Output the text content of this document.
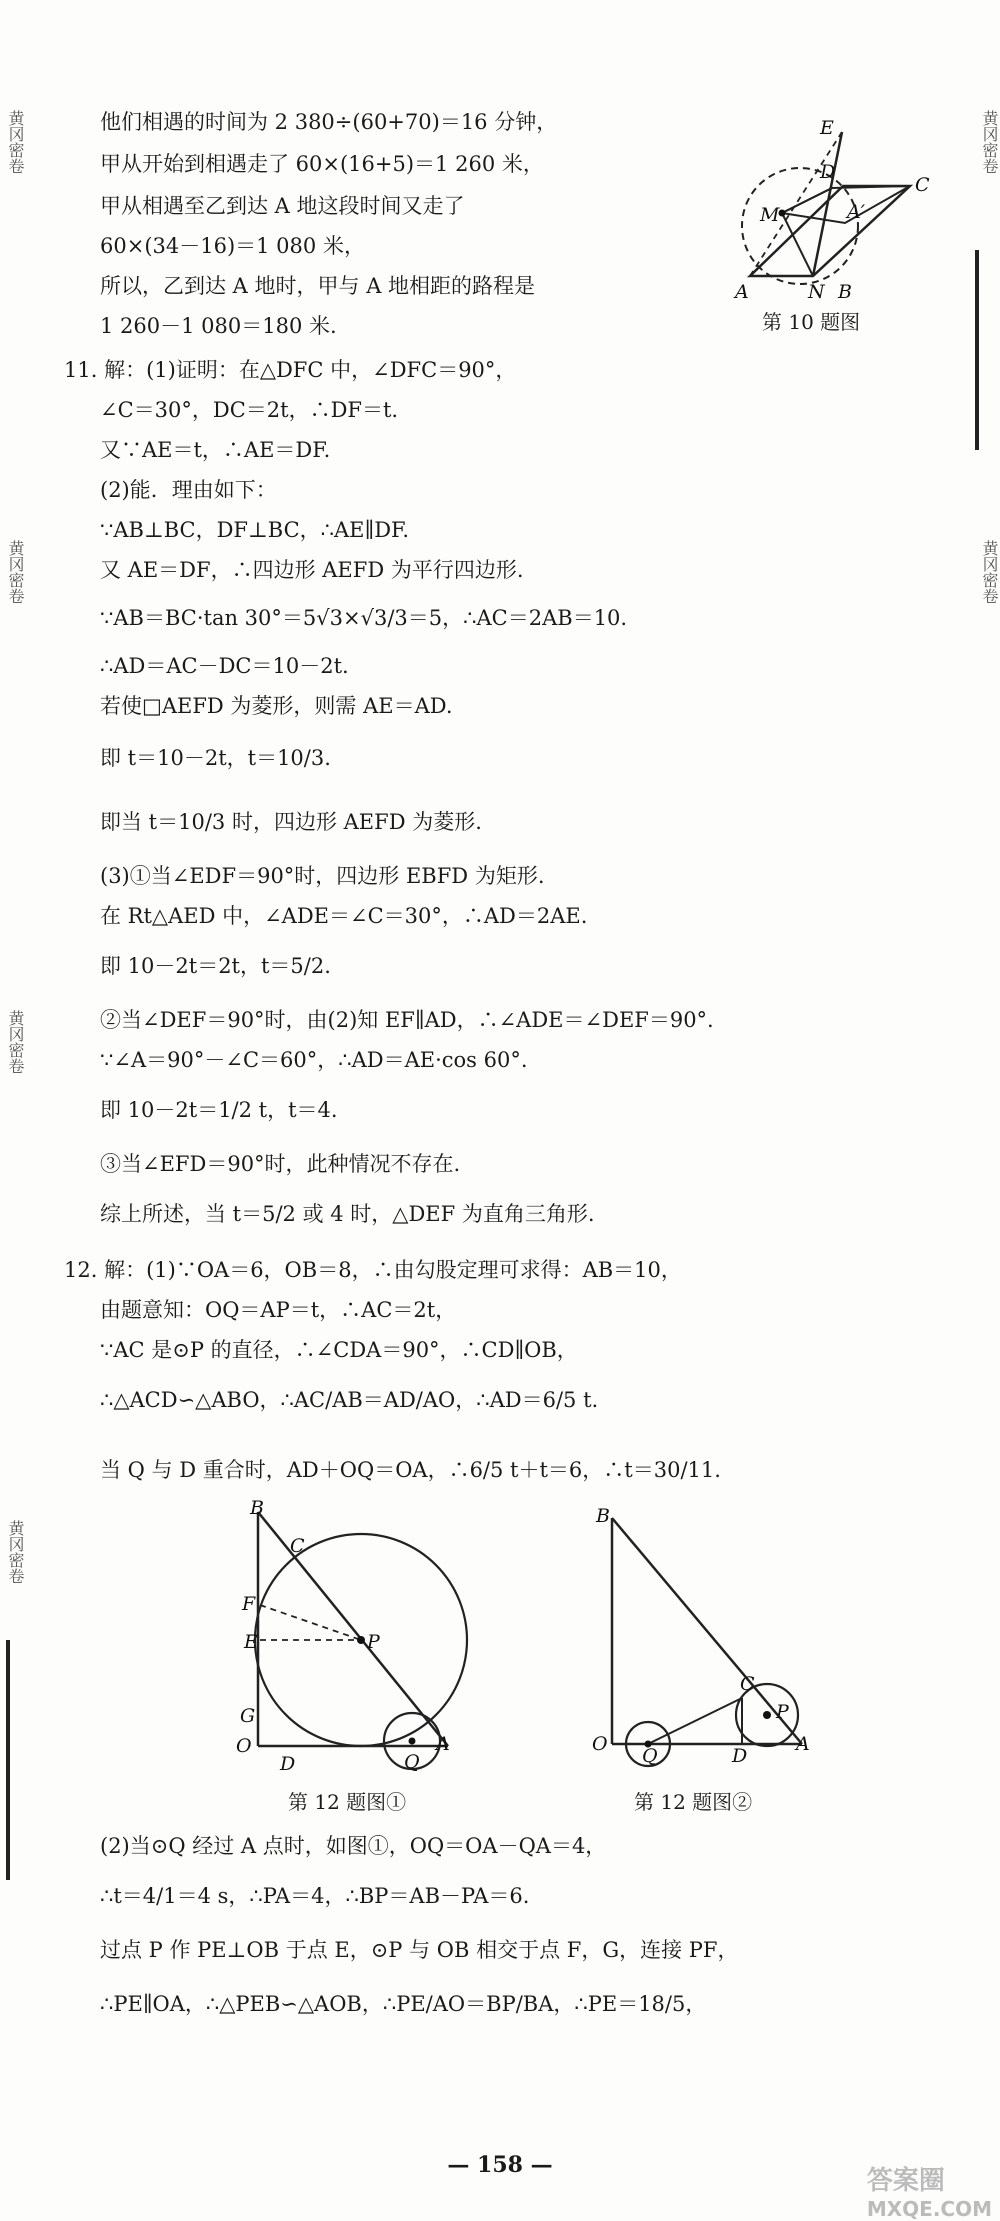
他们相遇的时间为 2 380÷(60+70)＝16 分钟，
甲从开始到相遇走了 60×(16+5)＝1 260 米，
甲从相遇至乙到达 A 地这段时间又走了
60×(34－16)＝1 080 米，
所以，乙到达 A 地时，甲与 A 地相距的路程是
1 260－1 080＝180 米.
E
D
C
M	A′
A	N B
第 10 题图
11. 解：(1)证明：在△DFC 中，∠DFC＝90°，
∠C＝30°，DC＝2t，∴DF＝t.
又∵AE＝t，∴AE＝DF.
(2)能．理由如下：
∵AB⊥BC，DF⊥BC，∴AE∥DF.
又 AE＝DF，∴四边形 AEFD 为平行四边形.
∵AB＝BC·tan 30°＝5√3×√3/3＝5，∴AC＝2AB＝10.
∴AD＝AC－DC＝10－2t.
若使□AEFD 为菱形，则需 AE＝AD.
即 t＝10－2t，t＝10/3.
即当 t＝10/3 时，四边形 AEFD 为菱形.
(3)①当∠EDF＝90°时，四边形 EBFD 为矩形.
在 Rt△AED 中，∠ADE＝∠C＝30°，∴AD＝2AE.
即 10－2t＝2t，t＝5/2.
②当∠DEF＝90°时，由(2)知 EF∥AD，∴∠ADE＝∠DEF＝90°.
∵∠A＝90°－∠C＝60°，∴AD＝AE·cos 60°.
即 10－2t＝1/2 t，t＝4.
③当∠EFD＝90°时，此种情况不存在.
综上所述，当 t＝5/2 或 4 时，△DEF 为直角三角形.
12. 解：(1)∵OA＝6，OB＝8，∴由勾股定理可求得：AB＝10，
由题意知：OQ＝AP＝t，∴AC＝2t，
∵AC 是⊙P 的直径，∴∠CDA＝90°，∴CD∥OB，
∴△ACD∽△ABO，∴AC/AB＝AD/AO，∴AD＝6/5 t.
当 Q 与 D 重合时，AD＋OQ＝OA，∴6/5 t＋t＝6，∴t＝30/11.
B
C
F
E	P
G
O
D	Q
A
第 12 题图①
B
C
P
O
Q	D
A
第 12 题图②
(2)当⊙Q 经过 A 点时，如图①，OQ＝OA－QA＝4，
∴t＝4/1＝4 s，∴PA＝4，∴BP＝AB－PA＝6.
过点 P 作 PE⊥OB 于点 E，⊙P 与 OB 相交于点 F，G，连接 PF，
∴PE∥OA，∴△PEB∽△AOB，∴PE/AO＝BP/BA，∴PE＝18/5，
黄冈密卷
黄冈密卷
黄冈密卷
黄冈密卷
黄冈密卷
黄冈密卷
— 158 —
答案圈
MXQE.COM
